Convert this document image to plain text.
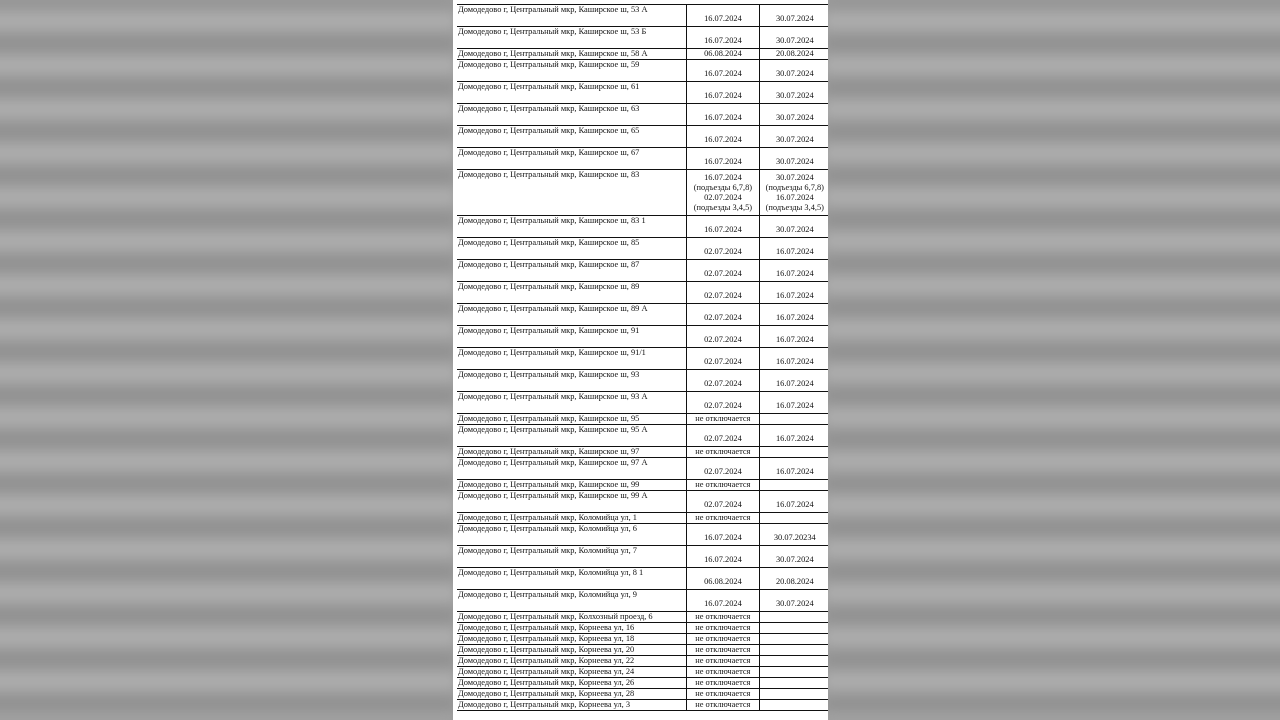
Домодедово г, Центральный мкр, Каширское ш, 53 А	16.07.2024	30.07.2024
Домодедово г, Центральный мкр, Каширское ш, 53 Б	16.07.2024	30.07.2024
Домодедово г, Центральный мкр, Каширское ш, 58 А	06.08.2024	20.08.2024
Домодедово г, Центральный мкр, Каширское ш, 59	16.07.2024	30.07.2024
Домодедово г, Центральный мкр, Каширское ш, 61	16.07.2024	30.07.2024
Домодедово г, Центральный мкр, Каширское ш, 63	16.07.2024	30.07.2024
Домодедово г, Центральный мкр, Каширское ш, 65	16.07.2024	30.07.2024
Домодедово г, Центральный мкр, Каширское ш, 67	16.07.2024	30.07.2024
Домодедово г, Центральный мкр, Каширское ш, 83	16.07.2024
(подъезды 6,7,8)
02.07.2024
(подъезды 3,4,5)	30.07.2024
(подъезды 6,7,8)
16.07.2024
(подъезды 3,4,5)
Домодедово г, Центральный мкр, Каширское ш, 83 1	16.07.2024	30.07.2024
Домодедово г, Центральный мкр, Каширское ш, 85	02.07.2024	16.07.2024
Домодедово г, Центральный мкр, Каширское ш, 87	02.07.2024	16.07.2024
Домодедово г, Центральный мкр, Каширское ш, 89	02.07.2024	16.07.2024
Домодедово г, Центральный мкр, Каширское ш, 89 А	02.07.2024	16.07.2024
Домодедово г, Центральный мкр, Каширское ш, 91	02.07.2024	16.07.2024
Домодедово г, Центральный мкр, Каширское ш, 91/1	02.07.2024	16.07.2024
Домодедово г, Центральный мкр, Каширское ш, 93	02.07.2024	16.07.2024
Домодедово г, Центральный мкр, Каширское ш, 93 А	02.07.2024	16.07.2024
Домодедово г, Центральный мкр, Каширское ш, 95	не отключается	
Домодедово г, Центральный мкр, Каширское ш, 95 А	02.07.2024	16.07.2024
Домодедово г, Центральный мкр, Каширское ш, 97	не отключается	
Домодедово г, Центральный мкр, Каширское ш, 97 А	02.07.2024	16.07.2024
Домодедово г, Центральный мкр, Каширское ш, 99	не отключается	
Домодедово г, Центральный мкр, Каширское ш, 99 А	02.07.2024	16.07.2024
Домодедово г, Центральный мкр, Коломийца ул, 1	не отключается	
Домодедово г, Центральный мкр, Коломийца ул, 6	16.07.2024	30.07.20234
Домодедово г, Центральный мкр, Коломийца ул, 7	16.07.2024	30.07.2024
Домодедово г, Центральный мкр, Коломийца ул, 8 1	06.08.2024	20.08.2024
Домодедово г, Центральный мкр, Коломийца ул, 9	16.07.2024	30.07.2024
Домодедово г, Центральный мкр, Колхозный проезд, 6	не отключается	
Домодедово г, Центральный мкр, Корнеева ул, 16	не отключается	
Домодедово г, Центральный мкр, Корнеева ул, 18	не отключается	
Домодедово г, Центральный мкр, Корнеева ул, 20	не отключается	
Домодедово г, Центральный мкр, Корнеева ул, 22	не отключается	
Домодедово г, Центральный мкр, Корнеева ул, 24	не отключается	
Домодедово г, Центральный мкр, Корнеева ул, 26	не отключается	
Домодедово г, Центральный мкр, Корнеева ул, 28	не отключается	
Домодедово г, Центральный мкр, Корнеева ул, 3	не отключается	
